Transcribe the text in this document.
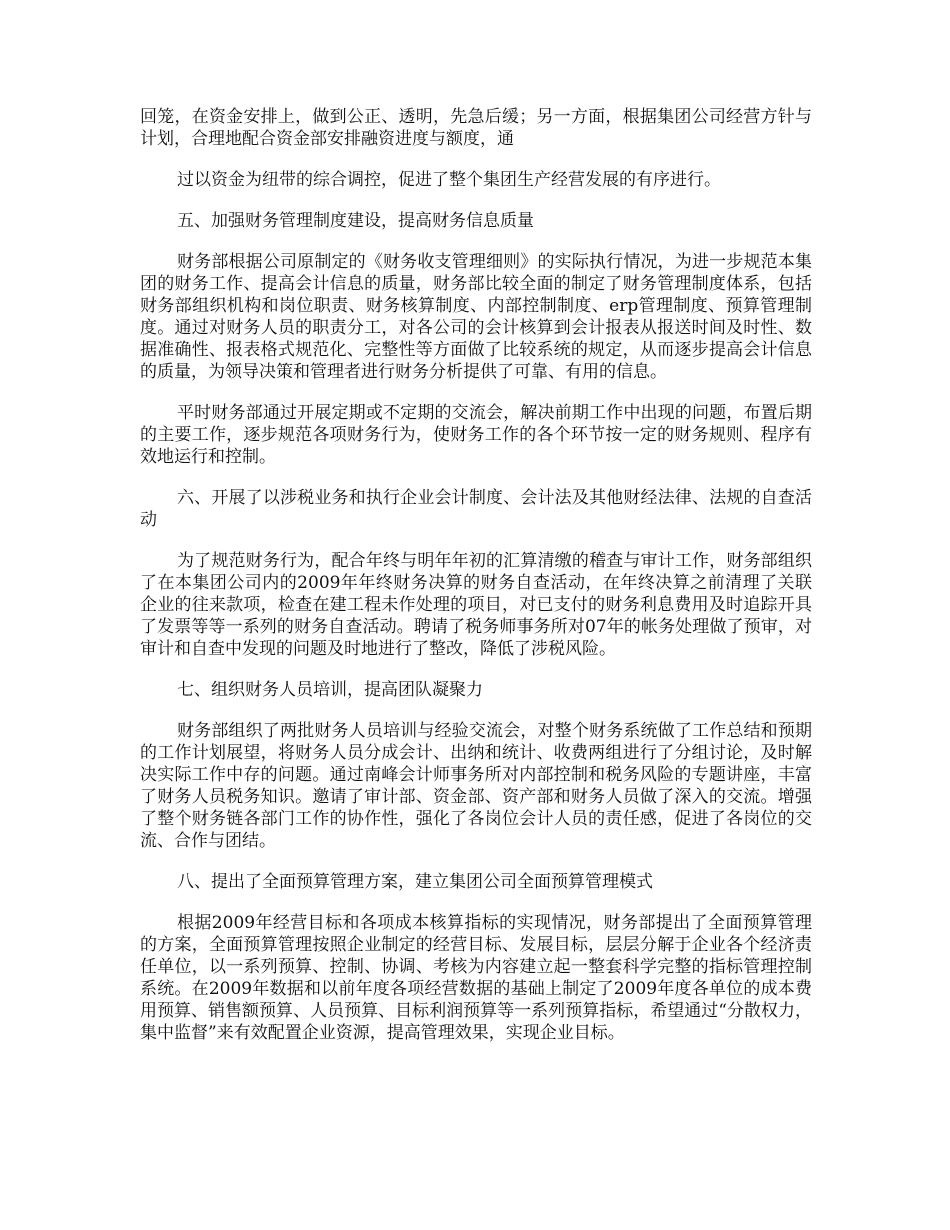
回笼，在资金安排上，做到公正、透明，先急后缓；另一方面，根据集团公司经营方针与计划，合理地配合资金部安排融资进度与额度，通

过以资金为纽带的综合调控，促进了整个集团生产经营发展的有序进行。

五、加强财务管理制度建设，提高财务信息质量

财务部根据公司原制定的《财务收支管理细则》的实际执行情况，为进一步规范本集团的财务工作、提高会计信息的质量，财务部比较全面的制定了财务管理制度体系，包括财务部组织机构和岗位职责、财务核算制度、内部控制制度、erp管理制度、预算管理制度。通过对财务人员的职责分工，对各公司的会计核算到会计报表从报送时间及时性、数据准确性、报表格式规范化、完整性等方面做了比较系统的规定，从而逐步提高会计信息的质量，为领导决策和管理者进行财务分析提供了可靠、有用的信息。

平时财务部通过开展定期或不定期的交流会，解决前期工作中出现的问题，布置后期的主要工作，逐步规范各项财务行为，使财务工作的各个环节按一定的财务规则、程序有效地运行和控制。

六、开展了以涉税业务和执行企业会计制度、会计法及其他财经法律、法规的自查活动

为了规范财务行为，配合年终与明年年初的汇算清缴的稽查与审计工作，财务部组织了在本集团公司内的2009年年终财务决算的财务自查活动，在年终决算之前清理了关联企业的往来款项，检查在建工程未作处理的项目，对已支付的财务利息费用及时追踪开具了发票等等一系列的财务自查活动。聘请了税务师事务所对07年的帐务处理做了预审，对审计和自查中发现的问题及时地进行了整改，降低了涉税风险。

七、组织财务人员培训，提高团队凝聚力

财务部组织了两批财务人员培训与经验交流会，对整个财务系统做了工作总结和预期的工作计划展望，将财务人员分成会计、出纳和统计、收费两组进行了分组讨论，及时解决实际工作中存的问题。通过南峰会计师事务所对内部控制和税务风险的专题讲座，丰富了财务人员税务知识。邀请了审计部、资金部、资产部和财务人员做了深入的交流。增强了整个财务链各部门工作的协作性，强化了各岗位会计人员的责任感，促进了各岗位的交流、合作与团结。

八、提出了全面预算管理方案，建立集团公司全面预算管理模式

根据2009年经营目标和各项成本核算指标的实现情况，财务部提出了全面预算管理的方案，全面预算管理按照企业制定的经营目标、发展目标，层层分解于企业各个经济责任单位，以一系列预算、控制、协调、考核为内容建立起一整套科学完整的指标管理控制系统。在2009年数据和以前年度各项经营数据的基础上制定了2009年度各单位的成本费用预算、销售额预算、人员预算、目标利润预算等一系列预算指标，希望通过“分散权力，集中监督”来有效配置企业资源，提高管理效果，实现企业目标。
